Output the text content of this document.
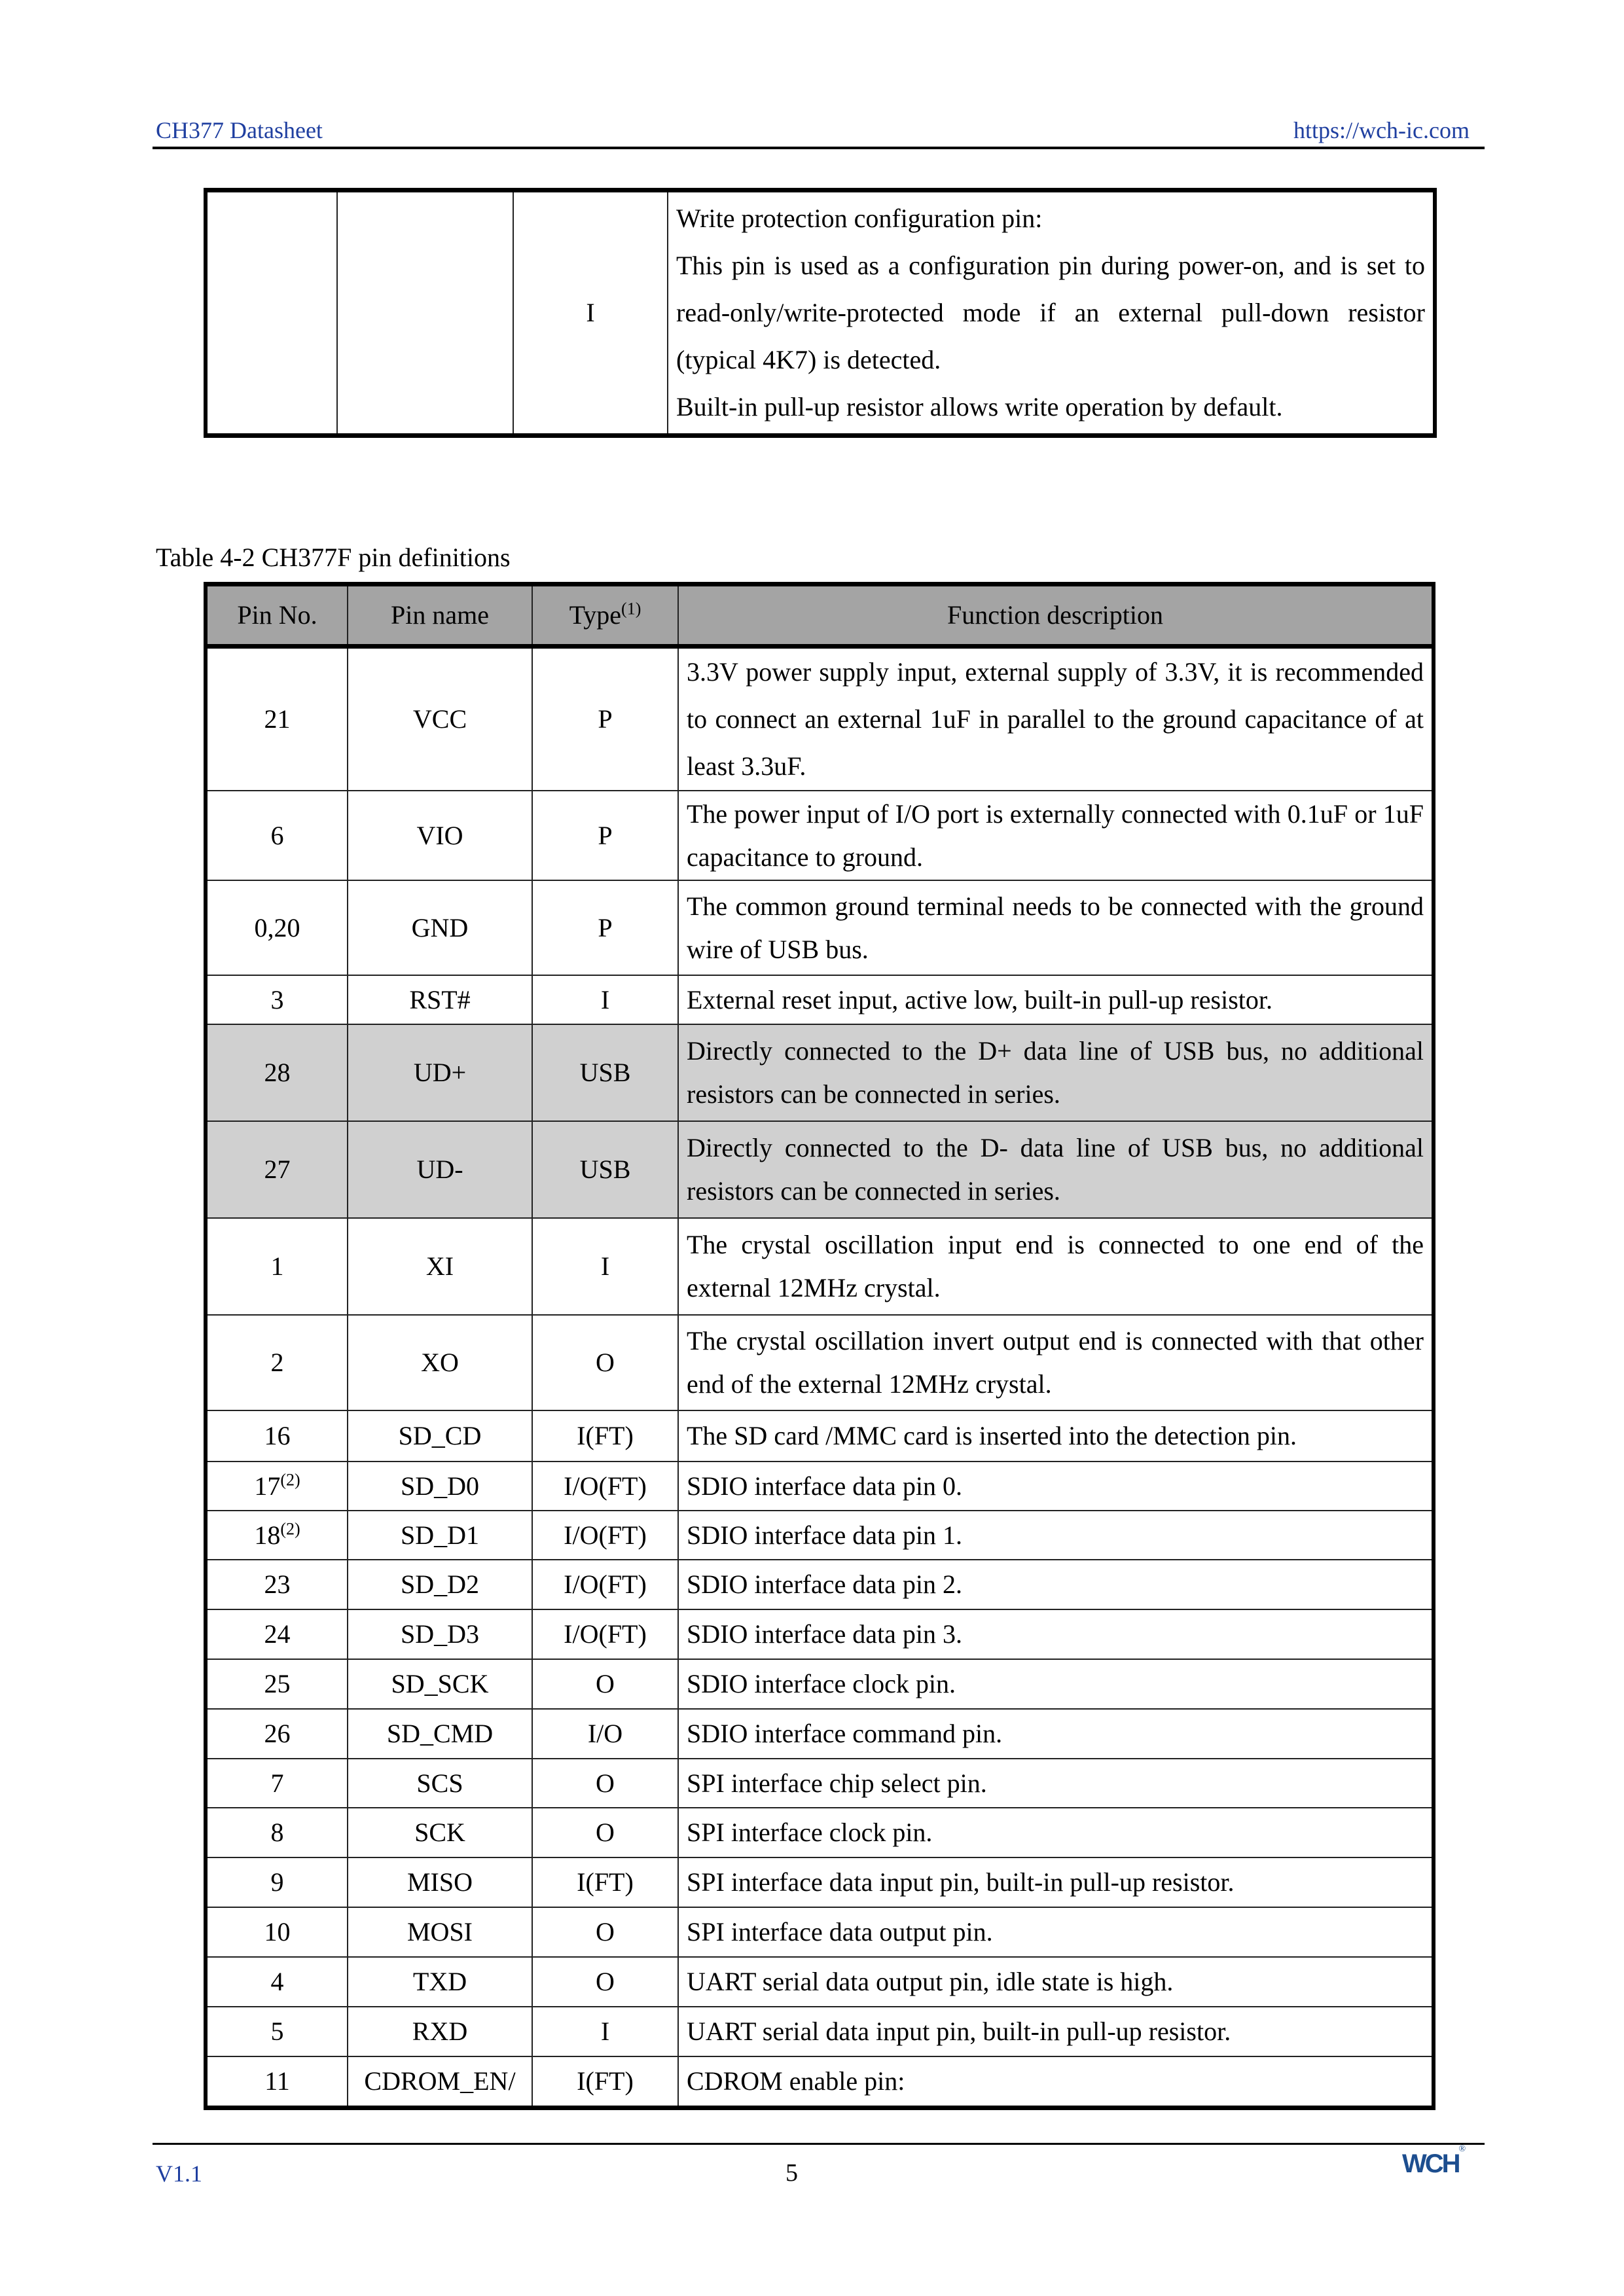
CH377 Datasheet	https://wch-ic.com
		I	
Write protection configuration pin:
This pin is used as a configuration pin during power-on, and is set to read-only/write-protected mode if an external pull-down resistor (typical 4K7) is detected.
Built-in pull-up resistor allows write operation by default.
Table 4-2 CH377F pin definitions
Pin No.	Pin name	Type$^{(1)}$	Function description
21	VCC	P	3.3V power supply input, external supply of 3.3V, it is recommended to connect an external 1uF in parallel to the ground capacitance of at least 3.3uF.
6	VIO	P	The power input of I/O port is externally connected with 0.1uF or 1uF capacitance to ground.
0,20	GND	P	The common ground terminal needs to be connected with the ground wire of USB bus.
3	RST#	I	External reset input, active low, built-in pull-up resistor.
28	UD+	USB	Directly connected to the D+ data line of USB bus, no additional resistors can be connected in series.
27	UD-	USB	Directly connected to the D- data line of USB bus, no additional resistors can be connected in series.
1	XI	I	The crystal oscillation input end is connected to one end of the external 12MHz crystal.
2	XO	O	The crystal oscillation invert output end is connected with that other end of the external 12MHz crystal.
16	SD_CD	I(FT)	The SD card /MMC card is inserted into the detection pin.
17$^{(2)}$	SD_D0	I/O(FT)	SDIO interface data pin 0.
18$^{(2)}$	SD_D1	I/O(FT)	SDIO interface data pin 1.
23	SD_D2	I/O(FT)	SDIO interface data pin 2.
24	SD_D3	I/O(FT)	SDIO interface data pin 3.
25	SD_SCK	O	SDIO interface clock pin.
26	SD_CMD	I/O	SDIO interface command pin.
7	SCS	O	SPI interface chip select pin.
8	SCK	O	SPI interface clock pin.
9	MISO	I(FT)	SPI interface data input pin, built-in pull-up resistor.
10	MOSI	O	SPI interface data output pin.
4	TXD	O	UART serial data output pin, idle state is high.
5	RXD	I	UART serial data input pin, built-in pull-up resistor.
11	CDROM_EN/	I(FT)	CDROM enable pin:
V1.1	5	WCH®
